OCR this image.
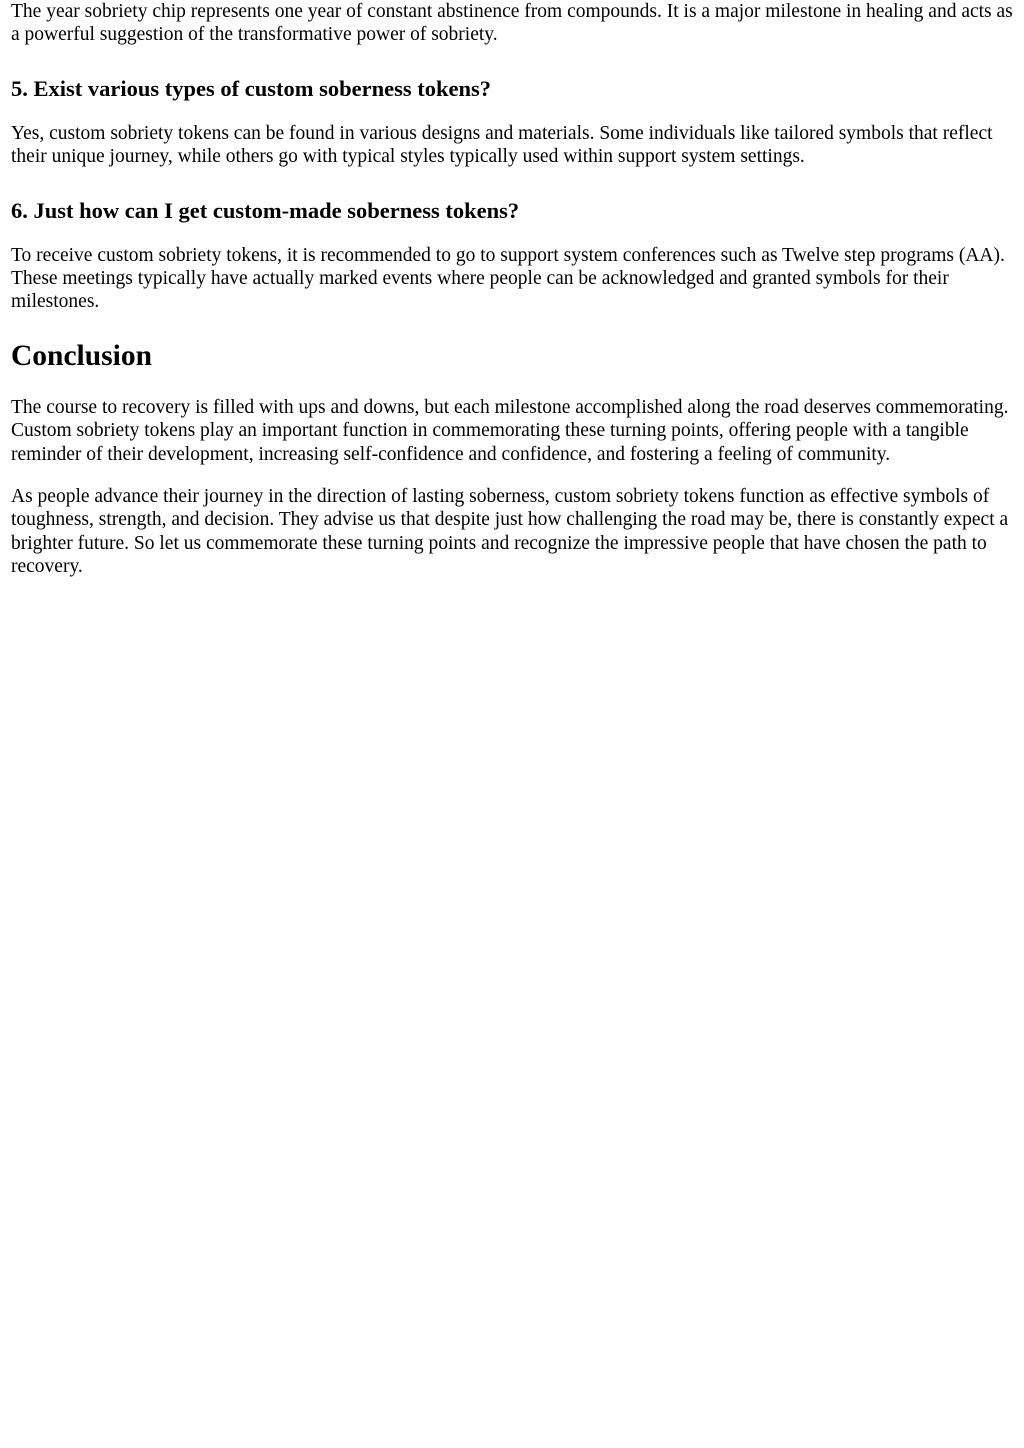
The year sobriety chip represents one year of constant abstinence from compounds. It is a major milestone in healing and acts as a powerful suggestion of the transformative power of sobriety.

5. Exist various types of custom soberness tokens?

Yes, custom sobriety tokens can be found in various designs and materials. Some individuals like tailored symbols that reflect their unique journey, while others go with typical styles typically used within support system settings.

6. Just how can I get custom-made soberness tokens?

To receive custom sobriety tokens, it is recommended to go to support system conferences such as Twelve step programs (AA). These meetings typically have actually marked events where people can be acknowledged and granted symbols for their milestones.

Conclusion

The course to recovery is filled with ups and downs, but each milestone accomplished along the road deserves commemorating. Custom sobriety tokens play an important function in commemorating these turning points, offering people with a tangible reminder of their development, increasing self-confidence and confidence, and fostering a feeling of community.

As people advance their journey in the direction of lasting soberness, custom sobriety tokens function as effective symbols of toughness, strength, and decision. They advise us that despite just how challenging the road may be, there is constantly expect a brighter future. So let us commemorate these turning points and recognize the impressive people that have chosen the path to recovery.
